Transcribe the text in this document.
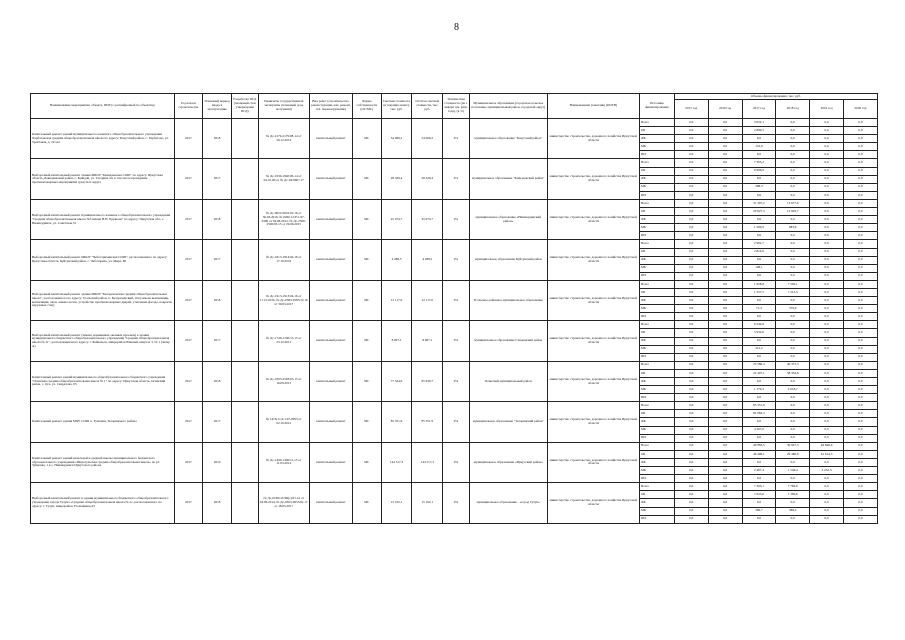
8
Наименование мероприятия, объекта, ПИР (с расшифровкой по объектам)	Год начала строительства	Плановый период ввода в эксплуатацию	Разработка ПСД (плановый срок утверждения ПСД)	Реквизиты государственной экспертизы (плановый срок получения)	Вид работ (строительство, реконструкция, кап. ремонт, тех. перевооружение)	Форма собственности (ОС/МС)	Сметная стоимость (в текущих ценах), тыс. руб.	Остаток сметной стоимости, тыс. руб.	Техническая готовность (на 1 января тек. фин. года), (в %)	Муниципальное образование (городское/сельское поселение, муниципальный район, городской округ)	Наименование (заказчик) (ИОГВ)	Источник финансирования	Объемы финансирования, тыс. руб.					
													2015 год	2016 год	2017 год	2018 год	2019 год	2020 год
Капитальный ремонт зданий муниципального казенного общеобразовательного учреждения Харбатовская средняя общеобразовательная школа по адресу: Качугский район, с. Харбатово, ул. Трактовая, д. 19 ххх	2017	2018		№ Дс-2179-2179/08-14 от 26.12.2014	капитальный ремонт	МС	54 069,2	54 069,2	0%	муниципальное образование "Качугский район"	министерство строительства, дорожного хозяйства Иркутской области	Всего	0,0	0,0	3 052,1	0,0	0,0	0,0
												ОБ	0,0	0,0	2 899,5	0,0	0,0	0,0
												ФБ	0,0	0,0	0,0	0,0	0,0	0,0
												МБ	0,0	0,0	152,6	0,0	0,0	0,0
												ИИ	0,0	0,0	0,0	0,0	0,0	0,0
Выборочный капитальный ремонт здания МБОУ "Баяндаевская СОШ" по адресу: Иркутская область, Баяндаевский район, с. Баяндай, ул. Гагарина 24, в том числе проведение противопожарных мероприятий средств в округе	2017	2017		№ Дс-1930-1940/06-14 от 04.10.2014, № Дс-04/0607.17	капитальный ремонт	МС	28 329,4	28 329,4	0%	муниципальное образование "Баяндаевский район"	министерство строительства, дорожного хозяйства Иркутской области	Всего	0,0	0,0	7 365,2	0,0	0,0	0,0
												ОБ	0,0	0,0	6 996,9	0,0	0,0	0,0
												ФБ	0,0	0,0	0,0	0,0	0,0	0,0
												МБ	0,0	0,0	368,3	0,0	0,0	0,0
												ИИ	0,0	0,0	0,0	0,0	0,0	0,0
Выборочный капитальный ремонт муниципального казенного общеобразовательного учреждения "Средняя общеобразовательная школа №3 имени Н.Н. Буданова" по адресу: Иркутская обл., г. Нижнеудинск, ул. Советская,31	2017	2018		№ Дс-0022-0022/02.16 от 30.03.2016, № 0260-12/Р/1.97-0396 от 04.06.2012, № Дс-2506-2506/03.15 от 29.06.2015	капитальный ремонт	МС	45 074,7	45 074,7	0%	муниципальное образование «Нижнеудинский район»	министерство строительства, дорожного хозяйства Иркутской области	Всего	0,0	0,0	31 397,2	13 677,6	0,0	0,0
												ОБ	0,0	0,0	29 827,3	12 993,7	0,0	0,0
												ФБ	0,0	0,0	0,0	0,0	0,0	0,0
												МБ	0,0	0,0	1 569,9	683,9	0,0	0,0
												ИИ	0,0	0,0	0,0	0,0	0,0	0,0
Выборочный капитальный ремонт МКОУ "Чеботарихинская СОШ", расположенного по адресу: Иркутская область, Куйтунский район, с. Чеботариха, ул. Мира, 80	2017	2017		№ Дс-1813-1814/04.16 от 17.10.2016	капитальный ремонт	МС	4 288,5	4 288,5	0%	муниципальное образование Куйтунский район	министерство строительства, дорожного хозяйства Иркутской области	Всего	0,0	0,0	2 962,7	0,0	0,0	0,0
												ОБ	0,0	0,0	2 814,6	0,0	0,0	0,0
												ФБ	0,0	0,0	0,0	0,0	0,0	0,0
												МБ	0,0	0,0	148,1	0,0	0,0	0,0
												ИИ	0,0	0,0	0,0	0,0	0,0	0,0
Выборочный капитальный ремонт здания МБОУ "Белореченская средняя общеобразовательная школа", расположенного по адресу: Усольский район, п. Белореченский, 104 (замена вентиляции, вентиляции, окон, замена полов, устройство противопожарных дверей, утепление фасада, покраска наружных стен)	2017	2018		№ Дс-1913-1913/04.16 от 17.10.2016, № Дс-0583-0583/12.16 от 30.03.2017	капитальный ремонт	МС	12 117,0	12 117,0	0%	Усольское районное муниципальное образование	министерство строительства, дорожного хозяйства Иркутской области	Всего	0,0	0,0	1 628,8	7 592,1	0,0	0,0
												ОБ	0,0	0,0	1 557,5	7 212,5	0,0	0,0
												ФБ	0,0	0,0	0,0	0,0	0,0	0,0
												МБ	0,0	0,0	71,3	379,6	0,0	0,0
												ИИ	0,0	0,0	0,0	0,0	0,0	0,0
Выборочный капитальный ремонт (замена деревянных оконных проемов) в здании муниципального бюджетного общеобразовательного учреждения "Средняя общеобразовательная школа № 11", расположенном по адресу: г. Байкальск, микрорайон Южный, квартал 3, № 1 (литер А)	2017	2017		№ Дс-1740-1740/15.13 от 23.12.2013	капитальный ремонт	МС	8 067,1	8 067,1	0%	муниципальное образование Слюдянский район	министерство строительства, дорожного хозяйства Иркутской области	Всего	0,0	0,0	6 244,8	0,0	0,0	0,0
												ОБ	0,0	0,0	5 932,6	0,0	0,0	0,0
												ФБ	0,0	0,0	0,0	0,0	0,0	0,0
												МБ	0,0	0,0	312,2	0,0	0,0	0,0
												ИИ	0,0	0,0	0,0	0,0	0,0	0,0
Капитальный ремонт зданий муниципального общеобразовательного бюджетного учреждения "Осинская средняя общеобразовательная школа № 1" по адресу: Иркутская область, Осинский район, с. Оса, ул. Свердлова, 63	2017	2018		№ Дс-2593-2593/05.13 от 16.09.2015	капитальный ремонт	МС	77 544,0	65 939,7	0%	Осинский муниципальный район	министерство строительства, дорожного хозяйства Иркутской области	Всего	0,0	0,0	23 586,4	40 373,3	0,0	0,0
												ОБ	0,0	0,0	22 407,1	38 354,6	0,0	0,0
												ФБ	0,0	0,0	0,0	0,0	0,0	0,0
												МБ	0,0	0,0	1 179,3	2 018,7	0,0	0,0
												ИИ	0,0	0,0	0,0	0,0	0,0	0,0
Капитальный ремонт здания МОУ СОШ п. Тулюшка Заларинского района	2017	2017		№ 1418-11/4/1.97-0953 от 02.10.2012	капитальный ремонт	МС	85 351,9	85 351,9	0%	муниципальное образование "Заларинский район"	министерство строительства, дорожного хозяйства Иркутской области	Всего	0,0	0,0	85 351,9	0,0	0,0	0,0
												ОБ	0,0	0,0	81 084,3	0,0	0,0	0,0
												ФБ	0,0	0,0	0,0	0,0	0,0	0,0
												МБ	0,0	0,0	4 267,6	0,0	0,0	0,0
												ИИ	0,0	0,0	0,0	0,0	0,0	0,0
Капитальный ремонт зданий начальной и средней школы муниципального бюджетного образовательного учреждения «Шерагульская средняя общеобразовательная школа» по ул. Зуйковка, 1 в с. Нижнеудинск Иркутского района	2017	2019		№ Дс-1490-1490/11.13 от 11.03.2014	капитальный ремонт	МС	144 517,3	144 517,3	0%	муниципальное образование «Иркутский район»	министерство строительства, дорожного хозяйства Иркутской области	Всего	0,0	0,0	49 883,5	30 927,3	64 846,6	0,0
												ОБ	0,0	0,0	46 496,1	29 380,9	61 614,3	0,0
												ФБ	0,0	0,0	0,0	0,0	0,0	0,0
												МБ	0,0	0,0	2 487,4	1 546,4	3 232,3	0,0
												ИИ	0,0	0,0	0,0	0,0	0,0	0,0
Выборочный капитальный ремонт в здании муниципального бюджетного общеобразовательного учреждения города Тулуна «Средняя общеобразовательная школа № 2», расположенного по адресу: г. Тулун, микрорайон Угольщиков,43	2017	2018		№ Дс-0169с-0169(с)/01.14 от 04.06.2014, № Дс-0653-0653/01.17 от 18.05.2017	капитальный ремонт	МС	15 162,1	15 162,1	0%	муниципальное образование - «город Тулун»	министерство строительства, дорожного хозяйства Иркутской области	Всего	0,0	0,0	7 393,1	7 769,0	0,0	0,0
												ОБ	0,0	0,0	7 023,6	7 380,6	0,0	0,0
												ФБ	0,0	0,0	0,0	0,0	0,0	0,0
												МБ	0,0	0,0	369,7	388,4	0,0	0,0
												ИИ	0,0	0,0	0,0	0,0	0,0	0,0
